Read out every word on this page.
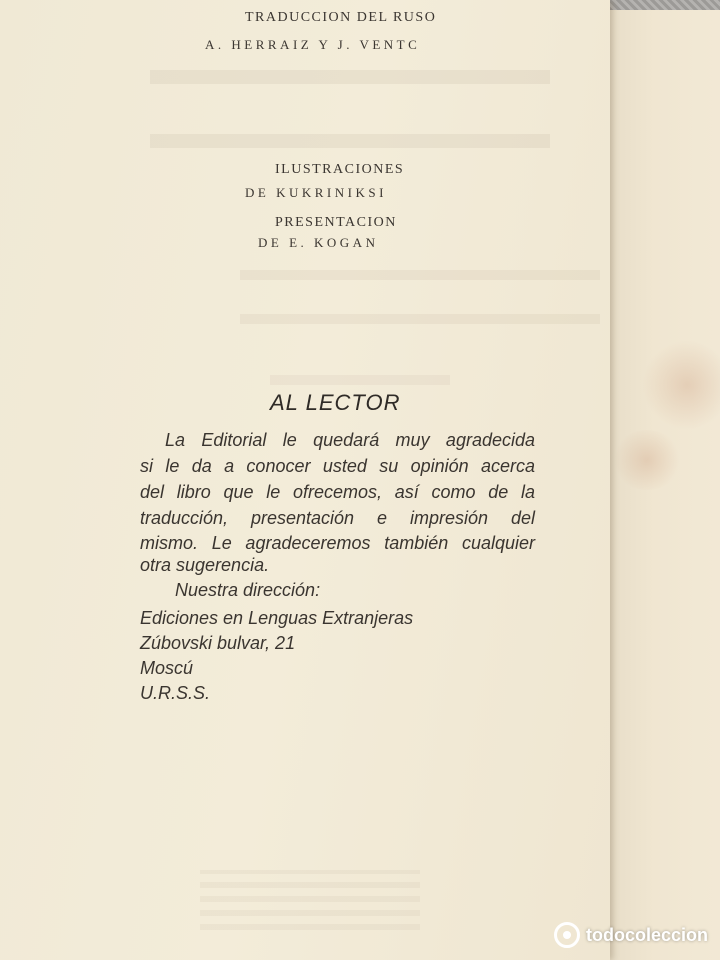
TRADUCCION DEL RUSO
A. HERRAIZ Y J. VENTC
ILUSTRACIONES
DE KUKRINIKSI
PRESENTACION
DE E. KOGAN
AL LECTOR
La Editorial le quedará muy agradecida
si le da a conocer usted su opinión acerca
del libro que le ofrecemos, así como de la
traducción, presentación e impresión del
mismo. Le agradeceremos también cualquier
otra sugerencia.
Nuestra dirección:
Ediciones en Lenguas Extranjeras
Zúbovski bulvar, 21
Moscú
U.R.S.S.
todocoleccion
